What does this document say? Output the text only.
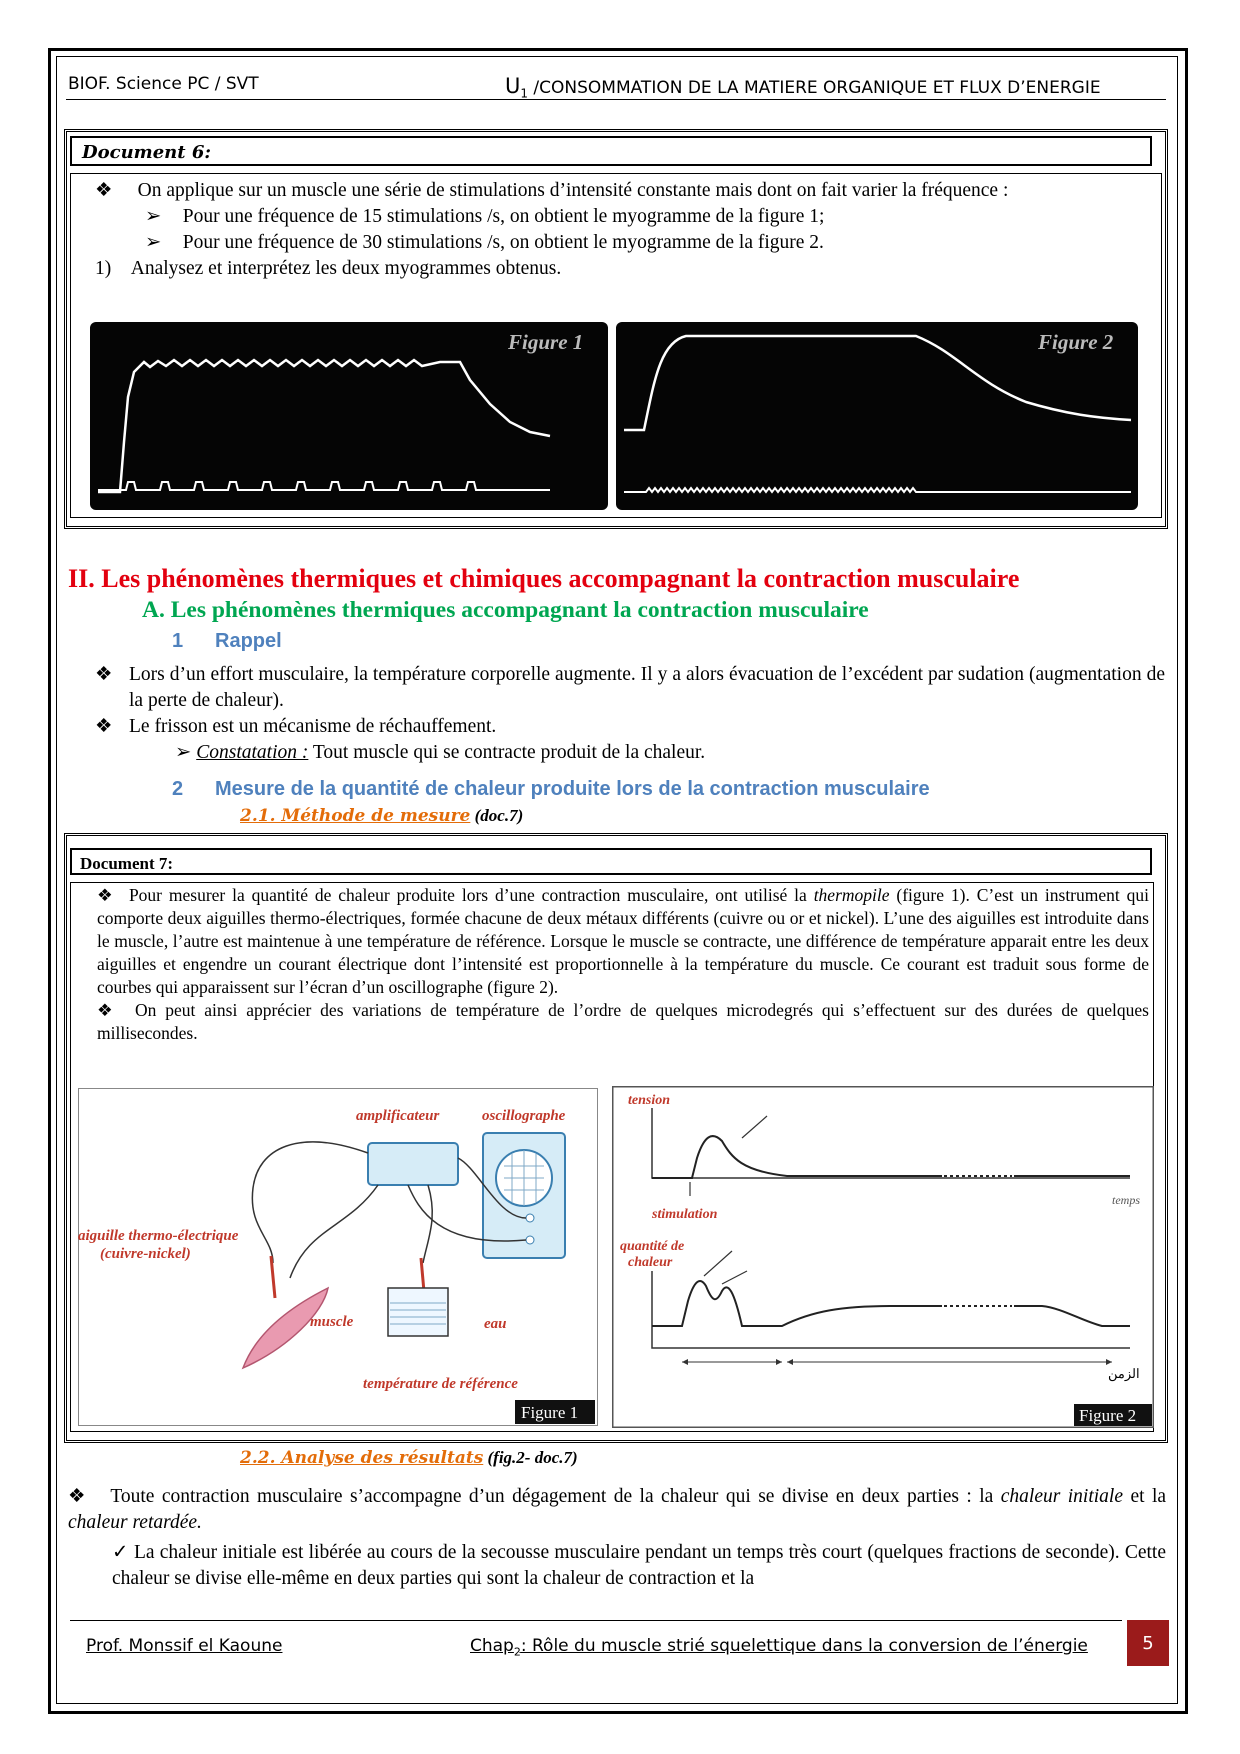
BIOF. Science PC / SVT	$U_1$ /CONSOMMATION DE LA MATIERE ORGANIQUE ET FLUX D’ENERGIE
Document 6:

❖ On applique sur un muscle une série de stimulations d’intensité constante mais dont on fait varier la fréquence :

➢ Pour une fréquence de 15 stimulations /s, on obtient le myogramme de la figure 1;

➢ Pour une fréquence de 30 stimulations /s, on obtient le myogramme de la figure 2.

1)    Analysez et interprétez les deux myogrammes obtenus.

Figure 1	Figure 2
II. Les phénomènes thermiques et chimiques accompagnant la contraction musculaire
A. Les phénomènes thermiques accompagnant la contraction musculaire
1 Rappel
❖ Lors d’un effort musculaire, la température corporelle augmente. Il y a alors évacuation de l’excédent par sudation (augmentation de la perte de chaleur).
❖ Le frisson est un mécanisme de réchauffement.
➢ Constatation : Tout muscle qui se contracte produit de la chaleur.
2 Mesure de la quantité de chaleur produite lors de la contraction musculaire
2.1. Méthode de mesure (doc.7)
Document 7:

❖ Pour mesurer la quantité de chaleur produite lors d’une contraction musculaire, ont utilisé la thermopile (figure 1). C’est un instrument qui comporte deux aiguilles thermo-électriques, formée chacune de deux métaux différents (cuivre ou or et nickel). L’une des aiguilles est introduite dans le muscle, l’autre est maintenue à une température de référence. Lorsque le muscle se contracte, une différence de température apparait entre les deux aiguilles et engendre un courant électrique dont l’intensité est proportionnelle à la température du muscle. Ce courant est traduit sous forme de courbes qui apparaissent sur l’écran d’un oscillographe (figure 2).

❖ On peut ainsi apprécier des variations de température de l’ordre de quelques microdegrés qui s’effectuent sur des durées de quelques millisecondes.

amplificateur	oscillographe
aiguille thermo-électrique
(cuivre-nickel)
muscle	eau
température de référence
Figure 1
tension
temps
stimulation
quantité de
chaleur
الزمن
Figure 2
2.2. Analyse des résultats (fig.2- doc.7)

❖ Toute contraction musculaire s’accompagne d’un dégagement de la chaleur qui se divise en deux parties : la chaleur initiale et la chaleur retardée.

✓ La chaleur initiale est libérée au cours de la secousse musculaire pendant un temps très court (quelques fractions de seconde). Cette chaleur se divise elle-même en deux parties qui sont la chaleur de contraction et la

Prof. Monssif el Kaoune	Chap$_2$: Rôle du muscle strié squelettique dans la conversion de l’énergie	5
